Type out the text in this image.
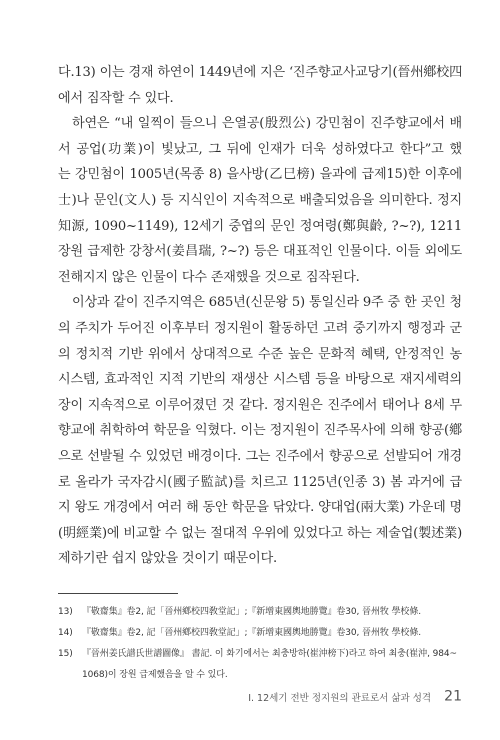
다.13) 이는 경재 하연이 1449년에 지은 ‘진주향교사교당기(晉州鄕校四
에서 짐작할 수 있다.
하연은 “내 일찍이 들으니 은열공(殷烈公) 강민첨이 진주향교에서 배
서 공업(功業)이 빛났고, 그 뒤에 인재가 더욱 성하였다고 한다”고 했
는 강민첨이 1005년(목종 8) 을사방(乙巳榜) 을과에 급제15)한 이후에
士)나 문인(文人) 등 지식인이 지속적으로 배출되었음을 의미한다. 정지
知源, 1090~1149), 12세기 중엽의 문인 정여령(鄭與齡, ?~?), 1211
장원 급제한 강창서(姜昌瑞, ?~?) 등은 대표적인 인물이다. 이들 외에도
전해지지 않은 인물이 다수 존재했을 것으로 짐작된다.
이상과 같이 진주지역은 685년(신문왕 5) 통일신라 9주 중 한 곳인 청
의 주치가 두어진 이후부터 정지원이 활동하던 고려 중기까지 행정과 군
의 정치적 기반 위에서 상대적으로 수준 높은 문화적 혜택, 안정적인 농
시스템, 효과적인 지적 기반의 재생산 시스템 등을 바탕으로 재지세력의
장이 지속적으로 이루어졌던 것 같다. 정지원은 진주에서 태어나 8세 무
향교에 취학하여 학문을 익혔다. 이는 정지원이 진주목사에 의해 향공(鄕
으로 선발될 수 있었던 배경이다. 그는 진주에서 향공으로 선발되어 개경
로 올라가 국자감시(國子監試)를 치르고 1125년(인종 3) 봄 과거에 급
지 왕도 개경에서 여러 해 동안 학문을 닦았다. 양대업(兩大業) 가운데 명
(明經業)에 비교할 수 없는 절대적 우위에 있었다고 하는 제술업(製述業)
제하기란 쉽지 않았을 것이기 때문이다.
13) 『敬齋集』卷2, 記「晉州鄕校四敎堂記」;『新增東國輿地勝覽』卷30, 晉州牧 學校條.
14) 『敬齋集』卷2, 記「晉州鄕校四敎堂記」;『新增東國輿地勝覽』卷30, 晉州牧 學校條.
15) 『晉州姜氏譜氏世譜圖像』 書記. 이 화기에서는 최충방하(崔沖榜下)라고 하여 최충(崔沖, 984~
1068)이 장원 급제했음을 알 수 있다.
I. 12세기 전반 정지원의 관료로서 삶과 성격 21
